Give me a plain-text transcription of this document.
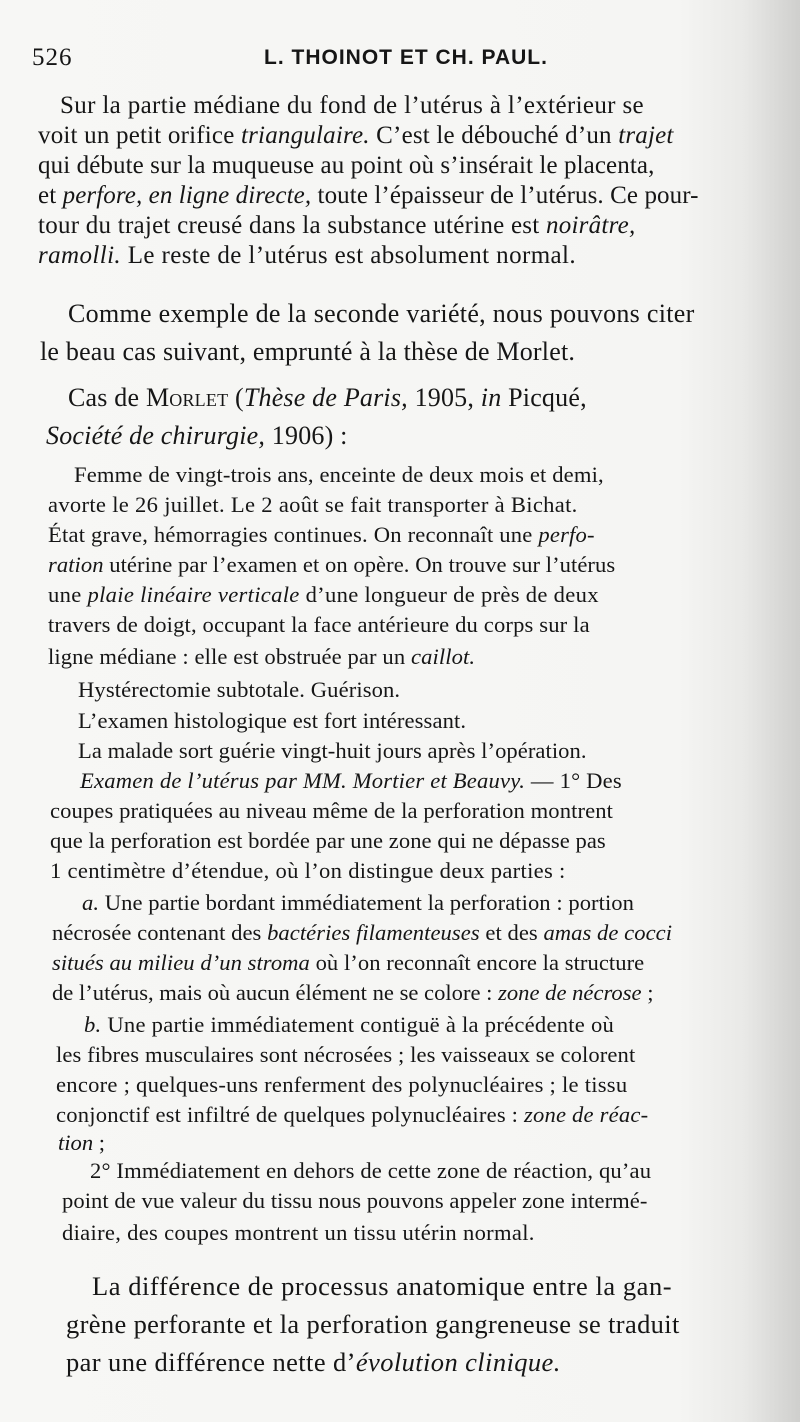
526	L. THOINOT ET CH. PAUL.
Sur la partie médiane du fond de l’utérus à l’extérieur se
voit un petit orifice triangulaire. C’est le débouché d’un trajet
qui débute sur la muqueuse au point où s’insérait le placenta,
et perfore, en ligne directe, toute l’épaisseur de l’utérus. Ce pour-
tour du trajet creusé dans la substance utérine est noirâtre,
ramolli. Le reste de l’utérus est absolument normal.
Comme exemple de la seconde variété, nous pouvons citer
le beau cas suivant, emprunté à la thèse de Morlet.
Cas de Morlet (Thèse de Paris, 1905, in Picqué,
Société de chirurgie, 1906) :
Femme de vingt-trois ans, enceinte de deux mois et demi,
avorte le 26 juillet. Le 2 août se fait transporter à Bichat.
État grave, hémorragies continues. On reconnaît une perfo-
ration utérine par l’examen et on opère. On trouve sur l’utérus
une plaie linéaire verticale d’une longueur de près de deux
travers de doigt, occupant la face antérieure du corps sur la
ligne médiane : elle est obstruée par un caillot.
Hystérectomie subtotale. Guérison.
L’examen histologique est fort intéressant.
La malade sort guérie vingt-huit jours après l’opération.
Examen de l’utérus par MM. Mortier et Beauvy. — 1° Des
coupes pratiquées au niveau même de la perforation montrent
que la perforation est bordée par une zone qui ne dépasse pas
1 centimètre d’étendue, où l’on distingue deux parties :
a. Une partie bordant immédiatement la perforation : portion
nécrosée contenant des bactéries filamenteuses et des amas de cocci
situés au milieu d’un stroma où l’on reconnaît encore la structure
de l’utérus, mais où aucun élément ne se colore : zone de nécrose ;
b. Une partie immédiatement contiguë à la précédente où
les fibres musculaires sont nécrosées ; les vaisseaux se colorent
encore ; quelques-uns renferment des polynucléaires ; le tissu
conjonctif est infiltré de quelques polynucléaires : zone de réac-
tion ;
2° Immédiatement en dehors de cette zone de réaction, qu’au
point de vue valeur du tissu nous pouvons appeler zone intermé-
diaire, des coupes montrent un tissu utérin normal.
La différence de processus anatomique entre la gan-
grène perforante et la perforation gangreneuse se traduit
par une différence nette d’évolution clinique.
